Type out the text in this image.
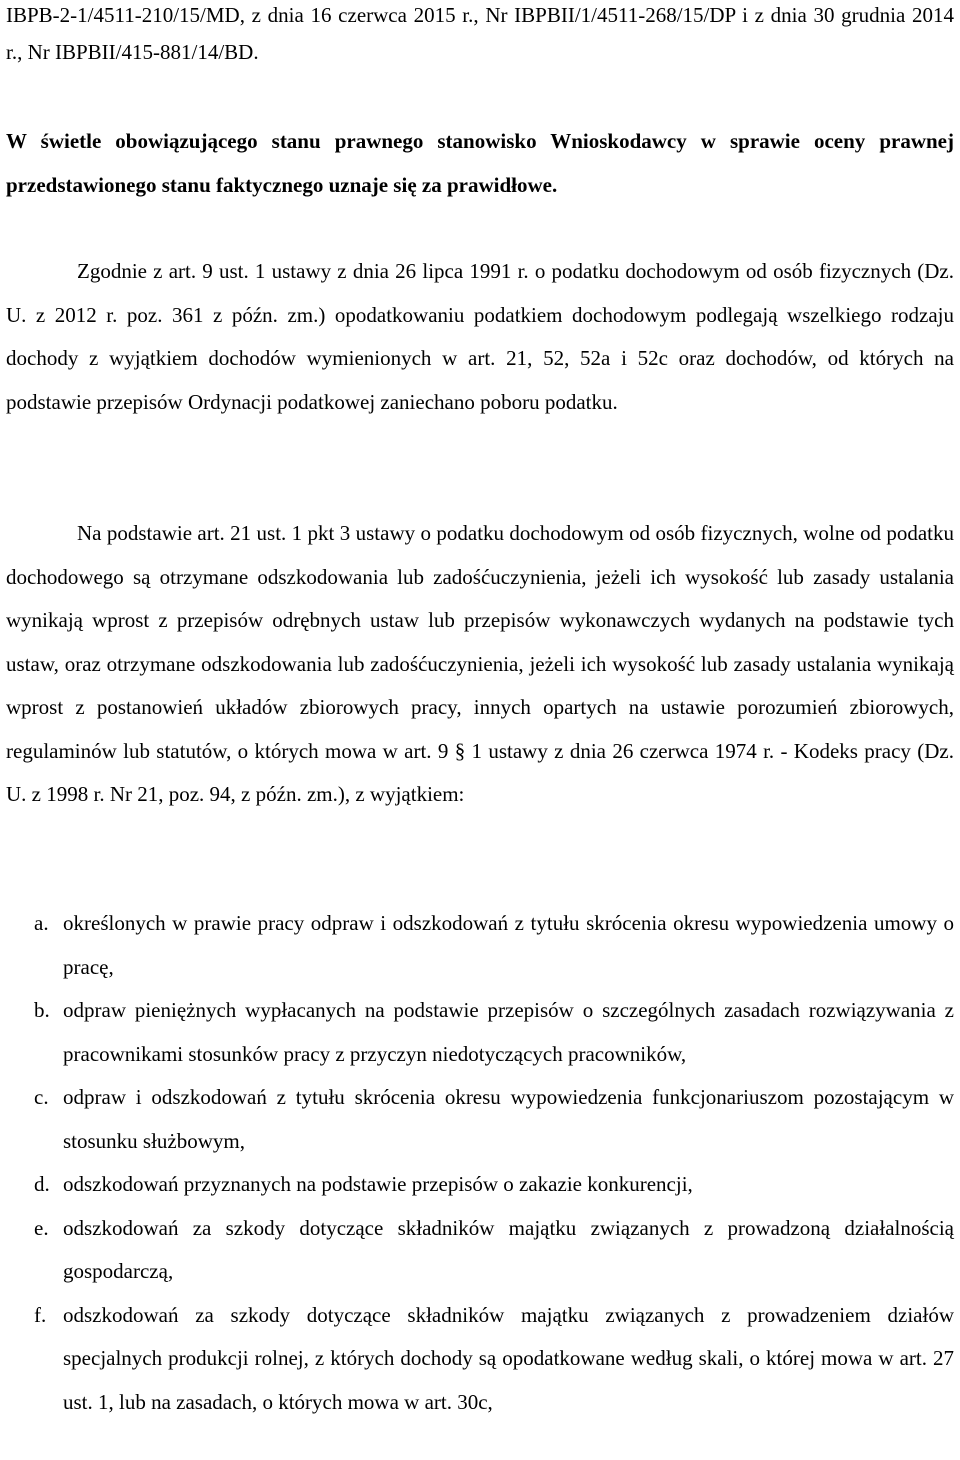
IBPB-2-1/4511-210/15/MD, z dnia 16 czerwca 2015 r., Nr IBPBII/1/4511-268/15/DP i z dnia 30 grudnia 2014 r., Nr IBPBII/415-881/14/BD.

W świetle obowiązującego stanu prawnego stanowisko Wnioskodawcy w sprawie oceny prawnej przedstawionego stanu faktycznego uznaje się za prawidłowe.

Zgodnie z art. 9 ust. 1 ustawy z dnia 26 lipca 1991 r. o podatku dochodowym od osób fizycznych (Dz. U. z 2012 r. poz. 361 z późn. zm.) opodatkowaniu podatkiem dochodowym podlegają wszelkiego rodzaju dochody z wyjątkiem dochodów wymienionych w art. 21, 52, 52a i 52c oraz dochodów, od których na podstawie przepisów Ordynacji podatkowej zaniechano poboru podatku.

Na podstawie art. 21 ust. 1 pkt 3 ustawy o podatku dochodowym od osób fizycznych, wolne od podatku dochodowego są otrzymane odszkodowania lub zadośćuczynienia, jeżeli ich wysokość lub zasady ustalania wynikają wprost z przepisów odrębnych ustaw lub przepisów wykonawczych wydanych na podstawie tych ustaw, oraz otrzymane odszkodowania lub zadośćuczynienia, jeżeli ich wysokość lub zasady ustalania wynikają wprost z postanowień układów zbiorowych pracy, innych opartych na ustawie porozumień zbiorowych, regulaminów lub statutów, o których mowa w art. 9 § 1 ustawy z dnia 26 czerwca 1974 r. - Kodeks pracy (Dz. U. z 1998 r. Nr 21, poz. 94, z późn. zm.), z wyjątkiem:

a. określonych w prawie pracy odpraw i odszkodowań z tytułu skrócenia okresu wypowiedzenia umowy o pracę,
b. odpraw pieniężnych wypłacanych na podstawie przepisów o szczególnych zasadach rozwiązywania z pracownikami stosunków pracy z przyczyn niedotyczących pracowników,
c. odpraw i odszkodowań z tytułu skrócenia okresu wypowiedzenia funkcjonariuszom pozostającym w stosunku służbowym,
d. odszkodowań przyznanych na podstawie przepisów o zakazie konkurencji,
e. odszkodowań za szkody dotyczące składników majątku związanych z prowadzoną działalnością gospodarczą,
f. odszkodowań za szkody dotyczące składników majątku związanych z prowadzeniem działów specjalnych produkcji rolnej, z których dochody są opodatkowane według skali, o której mowa w art. 27 ust. 1, lub na zasadach, o których mowa w art. 30c,
